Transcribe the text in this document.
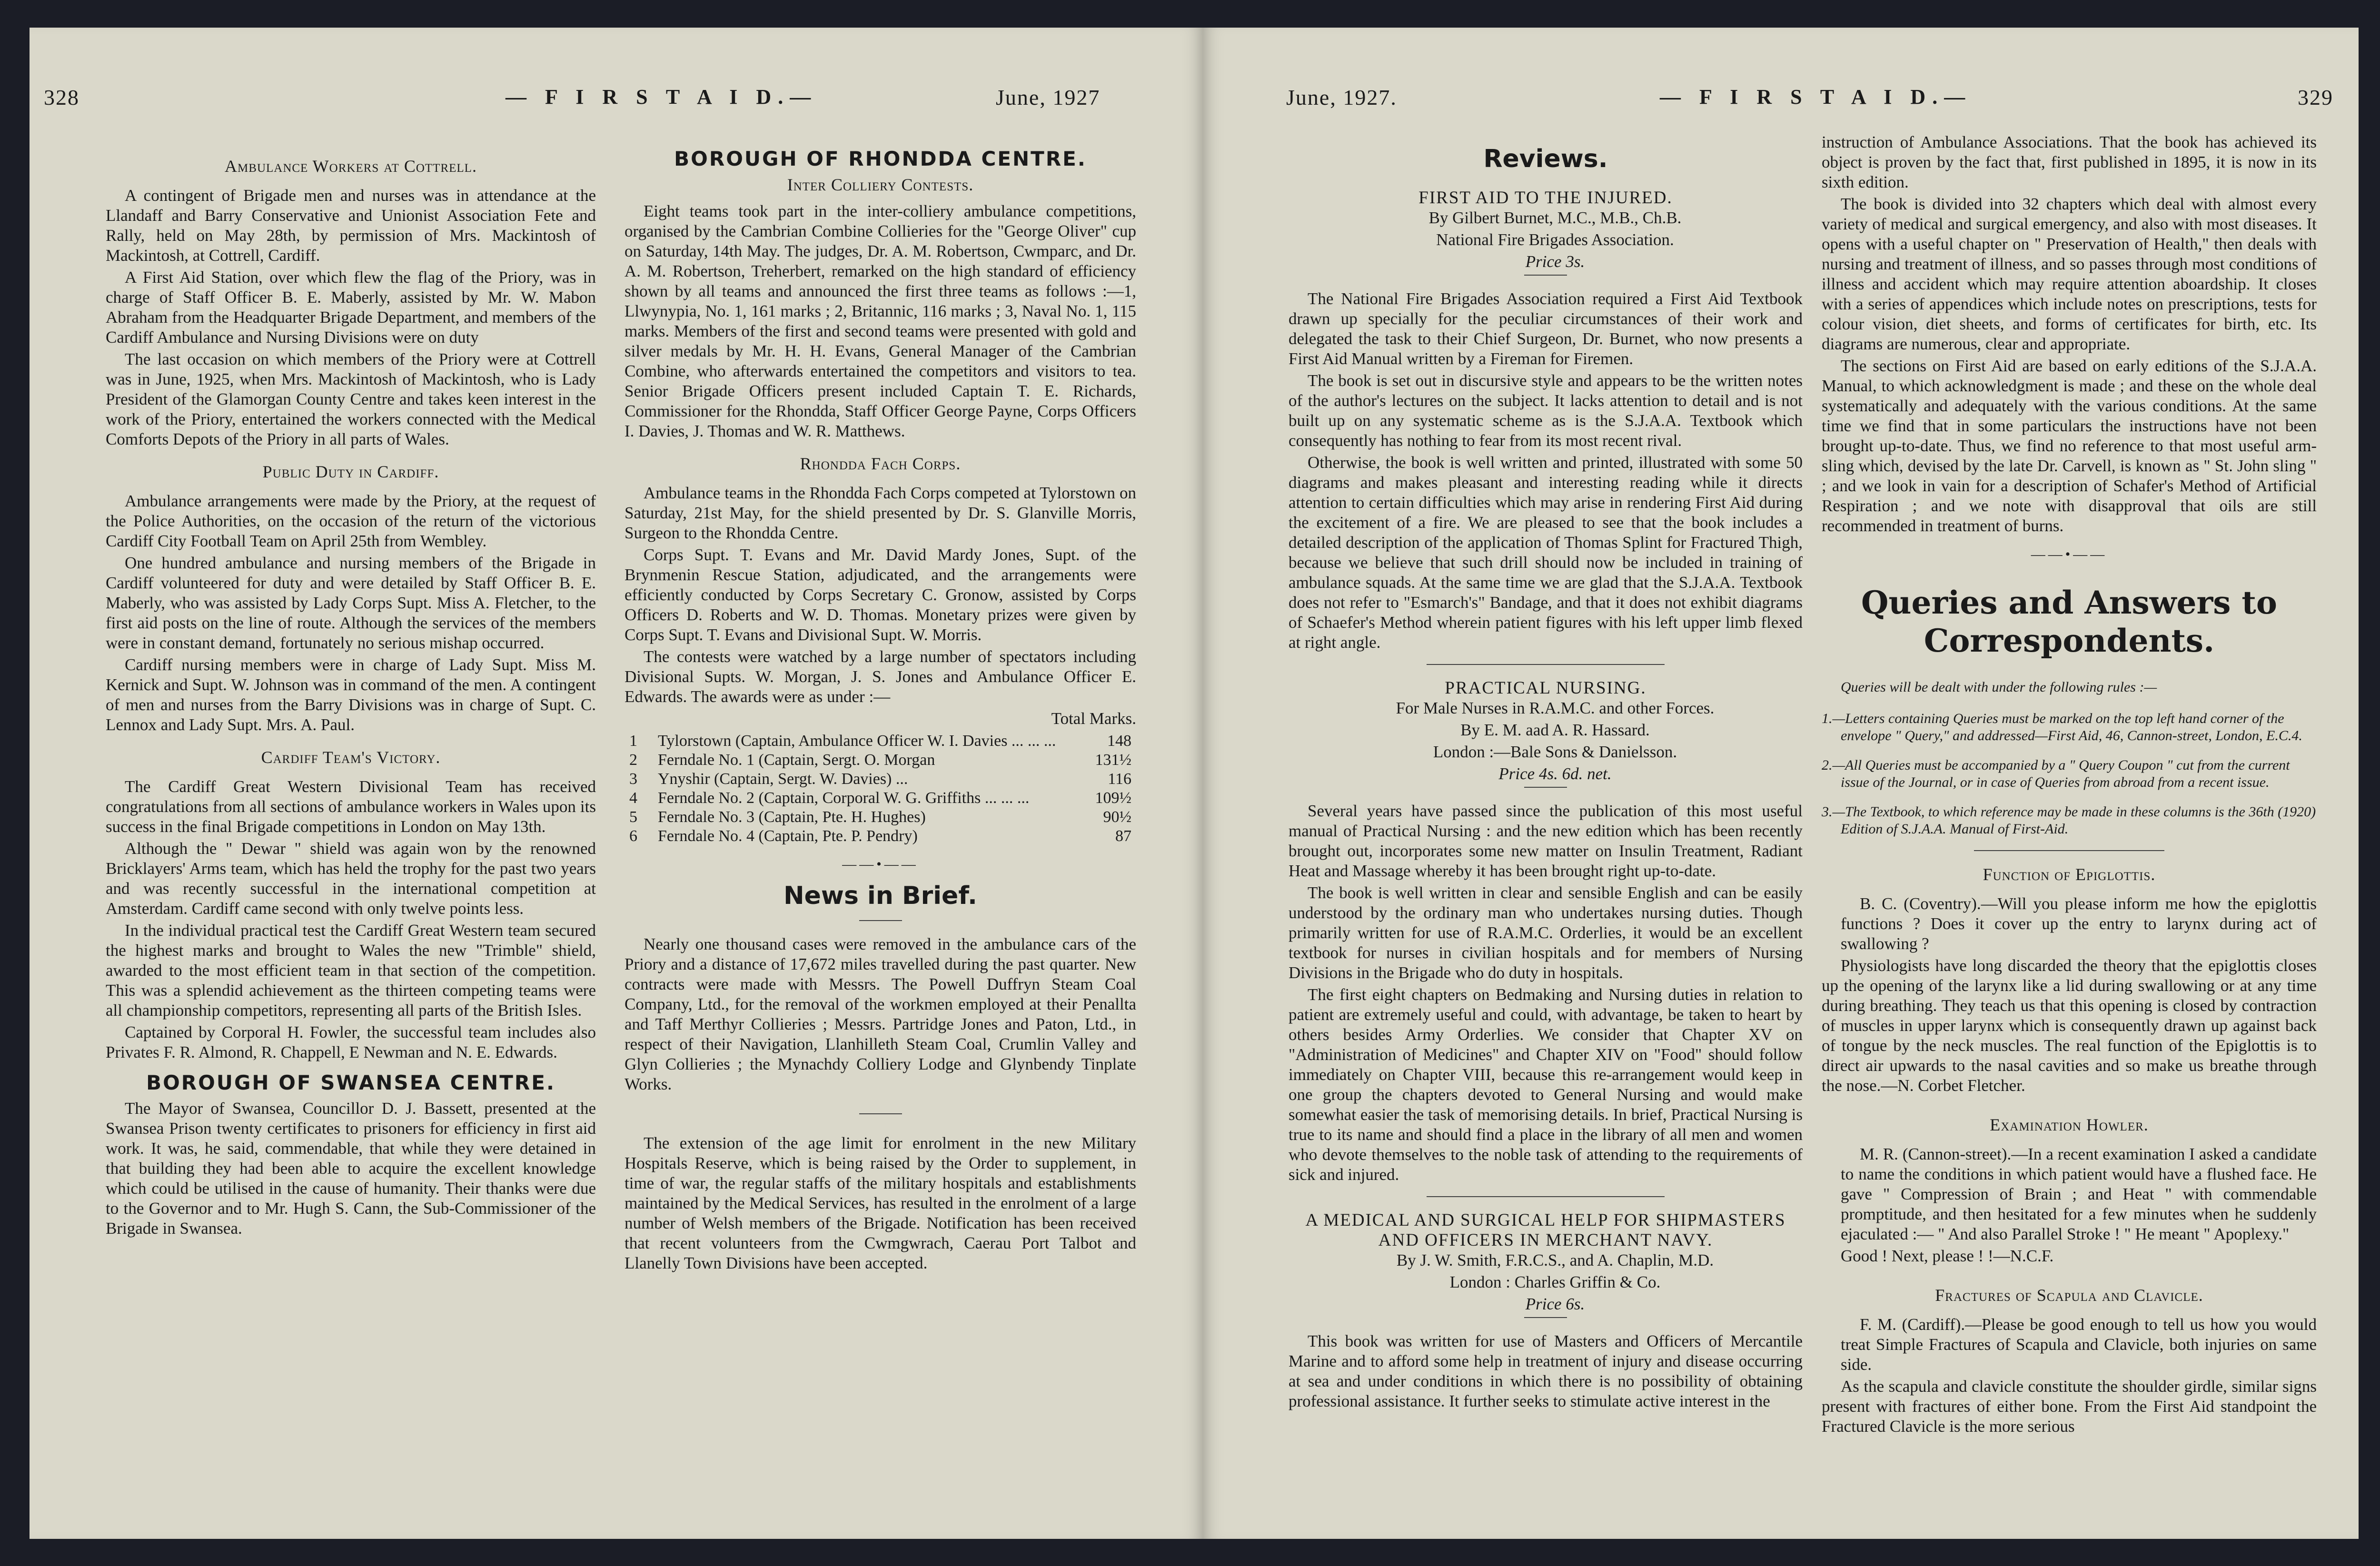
328	— F I R S T A I D.—	June, 1927
Ambulance Workers at Cottrell.

A contingent of Brigade men and nurses was in attendance at the Llandaff and Barry Conservative and Unionist Association Fete and Rally, held on May 28th, by permission of Mrs. Mackintosh of Mackintosh, at Cottrell, Cardiff.

A First Aid Station, over which flew the flag of the Priory, was in charge of Staff Officer B. E. Maberly, assisted by Mr. W. Mabon Abraham from the Headquarter Brigade Department, and members of the Cardiff Ambulance and Nursing Divisions were on duty

The last occasion on which members of the Priory were at Cottrell was in June, 1925, when Mrs. Mackintosh of Mackintosh, who is Lady President of the Glamorgan County Centre and takes keen interest in the work of the Priory, entertained the workers connected with the Medical Comforts Depots of the Priory in all parts of Wales.

Public Duty in Cardiff.

Ambulance arrangements were made by the Priory, at the request of the Police Authorities, on the occasion of the return of the victorious Cardiff City Football Team on April 25th from Wembley.

One hundred ambulance and nursing members of the Brigade in Cardiff volunteered for duty and were detailed by Staff Officer B. E. Maberly, who was assisted by Lady Corps Supt. Miss A. Fletcher, to the first aid posts on the line of route. Although the services of the members were in constant demand, fortunately no serious mishap occurred.

Cardiff nursing members were in charge of Lady Supt. Miss M. Kernick and Supt. W. Johnson was in command of the men. A contingent of men and nurses from the Barry Divisions was in charge of Supt. C. Lennox and Lady Supt. Mrs. A. Paul.

Cardiff Team's Victory.

The Cardiff Great Western Divisional Team has received congratulations from all sections of ambulance workers in Wales upon its success in the final Brigade competitions in London on May 13th.

Although the " Dewar " shield was again won by the renowned Bricklayers' Arms team, which has held the trophy for the past two years and was recently successful in the international competition at Amsterdam. Cardiff came second with only twelve points less.

In the individual practical test the Cardiff Great Western team secured the highest marks and brought to Wales the new "Trimble" shield, awarded to the most efficient team in that section of the competition. This was a splendid achievement as the thirteen competing teams were all championship competitors, representing all parts of the British Isles.

Captained by Corporal H. Fowler, the successful team includes also Privates F. R. Almond, R. Chappell, E Newman and N. E. Edwards.

BOROUGH OF SWANSEA CENTRE.

The Mayor of Swansea, Councillor D. J. Bassett, presented at the Swansea Prison twenty certificates to prisoners for efficiency in first aid work. It was, he said, commendable, that while they were detained in that building they had been able to acquire the excellent knowledge which could be utilised in the cause of humanity. Their thanks were due to the Governor and to Mr. Hugh S. Cann, the Sub-Commissioner of the Brigade in Swansea.

BOROUGH OF RHONDDA CENTRE.
Inter Colliery Contests.

Eight teams took part in the inter-colliery ambulance competitions, organised by the Cambrian Combine Collieries for the "George Oliver" cup on Saturday, 14th May. The judges, Dr. A. M. Robertson, Cwmparc, and Dr. A. M. Robertson, Treherbert, remarked on the high standard of efficiency shown by all teams and announced the first three teams as follows :—1, Llwynypia, No. 1, 161 marks ; 2, Britannic, 116 marks ; 3, Naval No. 1, 115 marks. Members of the first and second teams were presented with gold and silver medals by Mr. H. H. Evans, General Manager of the Cambrian Combine, who afterwards entertained the competitors and visitors to tea. Senior Brigade Officers present included Captain T. E. Richards, Commissioner for the Rhondda, Staff Officer George Payne, Corps Officers I. Davies, J. Thomas and W. R. Matthews.

Rhondda Fach Corps.

Ambulance teams in the Rhondda Fach Corps competed at Tylorstown on Saturday, 21st May, for the shield presented by Dr. S. Glanville Morris, Surgeon to the Rhondda Centre.

Corps Supt. T. Evans and Mr. David Mardy Jones, Supt. of the Brynmenin Rescue Station, adjudicated, and the arrangements were efficiently conducted by Corps Secretary C. Gronow, assisted by Corps Officers D. Roberts and W. D. Thomas. Monetary prizes were given by Corps Supt. T. Evans and Divisional Supt. W. Morris.

The contests were watched by a large number of spectators including Divisional Supts. W. Morgan, J. S. Jones and Ambulance Officer E. Edwards. The awards were as under :—

Total Marks.
1	Tylorstown (Captain, Ambulance Officer W. I. Davies ... ... ...	148
2	Ferndale No. 1 (Captain, Sergt. O. Morgan	131½
3	Ynyshir (Captain, Sergt. W. Davies) ...	116
4	Ferndale No. 2 (Captain, Corporal W. G. Griffiths ... ... ...	109½
5	Ferndale No. 3 (Captain, Pte. H. Hughes)	90½
6	Ferndale No. 4 (Captain, Pte. P. Pendry)	87
——•——
News in Brief.

Nearly one thousand cases were removed in the ambulance cars of the Priory and a distance of 17,672 miles travelled during the past quarter. New contracts were made with Messrs. The Powell Duffryn Steam Coal Company, Ltd., for the removal of the workmen employed at their Penallta and Taff Merthyr Collieries ; Messrs. Partridge Jones and Paton, Ltd., in respect of their Navigation, Llanhilleth Steam Coal, Crumlin Valley and Glyn Collieries ; the Mynachdy Colliery Lodge and Glynbendy Tinplate Works.

The extension of the age limit for enrolment in the new Military Hospitals Reserve, which is being raised by the Order to supplement, in time of war, the regular staffs of the military hospitals and establishments maintained by the Medical Services, has resulted in the enrolment of a large number of Welsh members of the Brigade. Notification has been received that recent volunteers from the Cwmgwrach, Caerau Port Talbot and Llanelly Town Divisions have been accepted.

June, 1927.	— F I R S T A I D.—	329
Reviews.
FIRST AID TO THE INJURED.

By Gilbert Burnet, M.C., M.B., Ch.B.

National Fire Brigades Association.

Price 3s.

The National Fire Brigades Association required a First Aid Textbook drawn up specially for the peculiar circumstances of their work and delegated the task to their Chief Surgeon, Dr. Burnet, who now presents a First Aid Manual written by a Fireman for Firemen.

The book is set out in discursive style and appears to be the written notes of the author's lectures on the subject. It lacks attention to detail and is not built up on any systematic scheme as is the S.J.A.A. Textbook which consequently has nothing to fear from its most recent rival.

Otherwise, the book is well written and printed, illustrated with some 50 diagrams and makes pleasant and interesting reading while it directs attention to certain difficulties which may arise in rendering First Aid during the excitement of a fire. We are pleased to see that the book includes a detailed description of the application of Thomas Splint for Fractured Thigh, because we believe that such drill should now be included in training of ambulance squads. At the same time we are glad that the S.J.A.A. Textbook does not refer to "Esmarch's" Bandage, and that it does not exhibit diagrams of Schaefer's Method wherein patient figures with his left upper limb flexed at right angle.

PRACTICAL NURSING.

For Male Nurses in R.A.M.C. and other Forces.

By E. M. aad A. R. Hassard.

London :—Bale Sons & Danielsson.

Price 4s. 6d. net.

Several years have passed since the publication of this most useful manual of Practical Nursing : and the new edition which has been recently brought out, incorporates some new matter on Insulin Treatment, Radiant Heat and Massage whereby it has been brought right up-to-date.

The book is well written in clear and sensible English and can be easily understood by the ordinary man who undertakes nursing duties. Though primarily written for use of R.A.M.C. Orderlies, it would be an excellent textbook for nurses in civilian hospitals and for members of Nursing Divisions in the Brigade who do duty in hospitals.

The first eight chapters on Bedmaking and Nursing duties in relation to patient are extremely useful and could, with advantage, be taken to heart by others besides Army Orderlies. We consider that Chapter XV on "Administration of Medicines" and Chapter XIV on "Food" should follow immediately on Chapter VIII, because this re-arrangement would keep in one group the chapters devoted to General Nursing and would make somewhat easier the task of memorising details. In brief, Practical Nursing is true to its name and should find a place in the library of all men and women who devote themselves to the noble task of attending to the requirements of sick and injured.

A MEDICAL AND SURGICAL HELP FOR SHIPMASTERS AND OFFICERS IN MERCHANT NAVY.

By J. W. Smith, F.R.C.S., and A. Chaplin, M.D.

London : Charles Griffin & Co.

Price 6s.

This book was written for use of Masters and Officers of Mercantile Marine and to afford some help in treatment of injury and disease occurring at sea and under conditions in which there is no possibility of obtaining professional assistance. It further seeks to stimulate active interest in the

instruction of Ambulance Associations. That the book has achieved its object is proven by the fact that, first published in 1895, it is now in its sixth edition.

The book is divided into 32 chapters which deal with almost every variety of medical and surgical emergency, and also with most diseases. It opens with a useful chapter on " Preservation of Health," then deals with nursing and treatment of illness, and so passes through most conditions of illness and accident which may require attention aboardship. It closes with a series of appendices which include notes on prescriptions, tests for colour vision, diet sheets, and forms of certificates for birth, etc. Its diagrams are numerous, clear and appropriate.

The sections on First Aid are based on early editions of the S.J.A.A. Manual, to which acknowledgment is made ; and these on the whole deal systematically and adequately with the various conditions. At the same time we find that in some particulars the instructions have not been brought up-to-date. Thus, we find no reference to that most useful arm-sling which, devised by the late Dr. Carvell, is known as " St. John sling " ; and we look in vain for a description of Schafer's Method of Artificial Respiration ; and we note with disapproval that oils are still recommended in treatment of burns.

——•——
Queries and Answers to
Correspondents.

Queries will be dealt with under the following rules :—

1.—Letters containing Queries must be marked on the top left hand corner of the envelope " Query," and addressed—First Aid, 46, Cannon-street, London, E.C.4.

2.—All Queries must be accompanied by a " Query Coupon " cut from the current issue of the Journal, or in case of Queries from abroad from a recent issue.

3.—The Textbook, to which reference may be made in these columns is the 36th (1920) Edition of S.J.A.A. Manual of First-Aid.

Function of Epiglottis.

B. C. (Coventry).—Will you please inform me how the epiglottis functions ? Does it cover up the entry to larynx during act of swallowing ?

Physiologists have long discarded the theory that the epiglottis closes up the opening of the larynx like a lid during swallowing or at any time during breathing. They teach us that this opening is closed by contraction of muscles in upper larynx which is consequently drawn up against back of tongue by the neck muscles. The real function of the Epiglottis is to direct air upwards to the nasal cavities and so make us breathe through the nose.—N. Corbet Fletcher.

Examination Howler.

M. R. (Cannon-street).—In a recent examination I asked a candidate to name the conditions in which patient would have a flushed face. He gave " Compression of Brain ; and Heat " with commendable promptitude, and then hesitated for a few minutes when he suddenly ejaculated :— " And also Parallel Stroke ! " He meant " Apoplexy."

Good ! Next, please ! !—N.C.F.

Fractures of Scapula and Clavicle.

F. M. (Cardiff).—Please be good enough to tell us how you would treat Simple Fractures of Scapula and Clavicle, both injuries on same side.

As the scapula and clavicle constitute the shoulder girdle, similar signs present with fractures of either bone. From the First Aid standpoint the Fractured Clavicle is the more serious
